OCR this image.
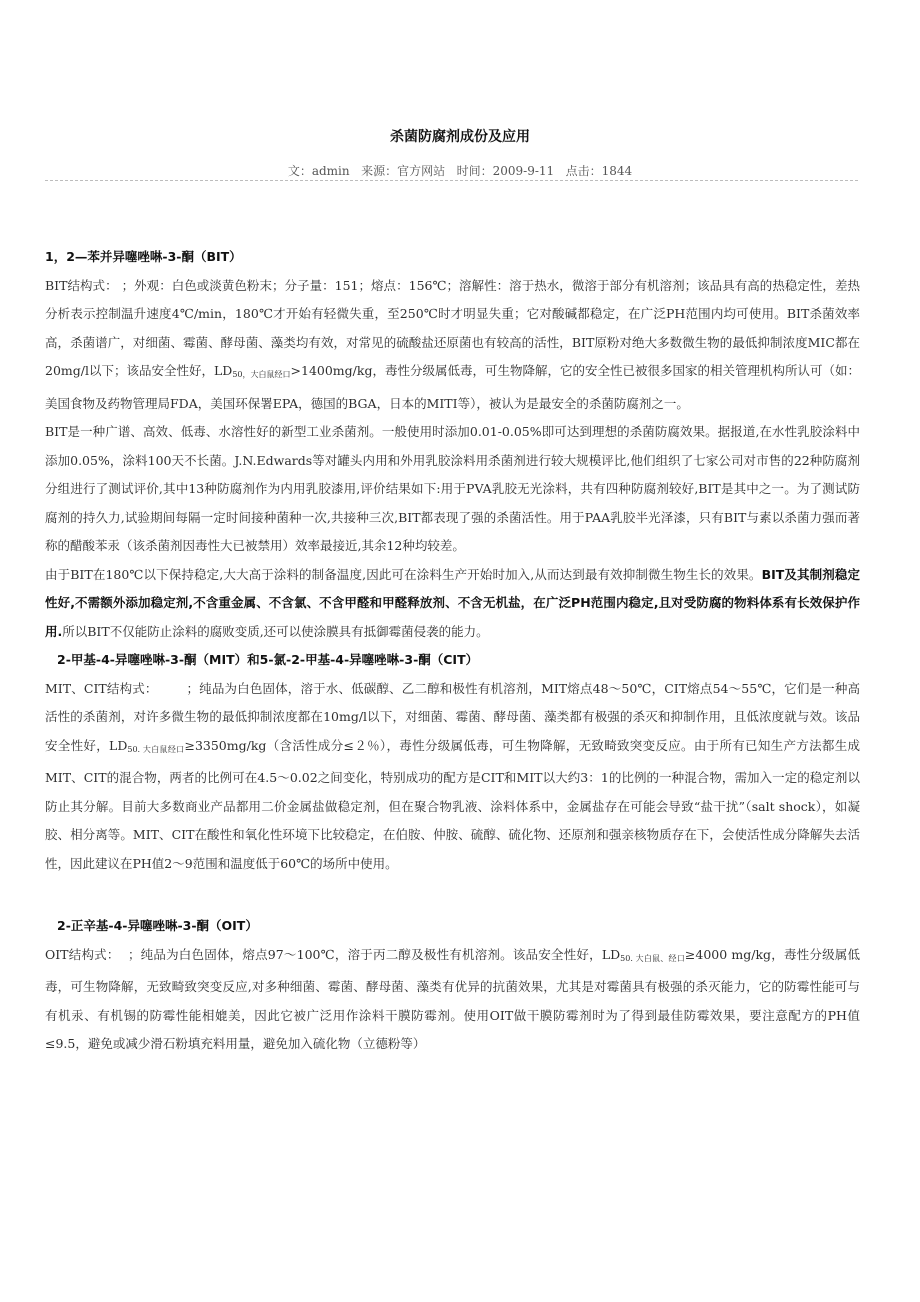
杀菌防腐剂成份及应用
文：admin 来源：官方网站 时间：2009-9-11 点击：1844
1，2—苯并异噻唑啉-3-酮（BIT）

BIT结构式： ；外观：白色或淡黄色粉末；分子量：151；熔点：156℃；溶解性：溶于热水，微溶于部分有机溶剂；该品具有高的热稳定性，差热分析表示控制温升速度4℃/min，180℃才开始有轻微失重，至250℃时才明显失重；它对酸碱都稳定，在广泛PH范围内均可使用。BIT杀菌效率高，杀菌谱广，对细菌、霉菌、酵母菌、藻类均有效，对常见的硫酸盐还原菌也有较高的活性，BIT原粉对绝大多数微生物的最低抑制浓度MIC都在20mg/l以下；该品安全性好，$LD_{50,大白鼠经口}>1400mg/kg$，毒性分级属低毒，可生物降解，它的安全性已被很多国家的相关管理机构所认可（如：美国食物及药物管理局FDA，美国环保署EPA，德国的BGA，日本的MITI等），被认为是最安全的杀菌防腐剂之一。

BIT是一种广谱、高效、低毒、水溶性好的新型工业杀菌剂。一般使用时添加0.01-0.05%即可达到理想的杀菌防腐效果。据报道,在水性乳胶涂料中添加0.05%，涂料100天不长菌。J.N.Edwards等对罐头内用和外用乳胶涂料用杀菌剂进行较大规模评比,他们组织了七家公司对市售的22种防腐剂分组进行了测试评价,其中13种防腐剂作为内用乳胶漆用,评价结果如下:用于PVA乳胶无光涂料，共有四种防腐剂较好,BIT是其中之一。为了测试防腐剂的持久力,试验期间每隔一定时间接种菌种一次,共接种三次,BIT都表现了强的杀菌活性。用于PAA乳胶半光泽漆，只有BIT与素以杀菌力强而著称的醋酸苯汞（该杀菌剂因毒性大已被禁用）效率最接近,其余12种均较差。

由于BIT在180℃以下保持稳定,大大高于涂料的制备温度,因此可在涂料生产开始时加入,从而达到最有效抑制微生物生长的效果。BIT及其制剂稳定性好,不需额外添加稳定剂,不含重金属、不含氯、不含甲醛和甲醛释放剂、不含无机盐，在广泛PH范围内稳定,且对受防腐的物料体系有长效保护作用.所以BIT不仅能防止涂料的腐败变质,还可以使涂膜具有抵御霉菌侵袭的能力。

2-甲基-4-异噻唑啉-3-酮（MIT）和5-氯-2-甲基-4-异噻唑啉-3-酮（CIT）

MIT、CIT结构式：       ；纯品为白色固体，溶于水、低碳醇、乙二醇和极性有机溶剂，MIT熔点48～50℃，CIT熔点54～55℃，它们是一种高活性的杀菌剂，对许多微生物的最低抑制浓度都在10mg/l以下，对细菌、霉菌、酵母菌、藻类都有极强的杀灭和抑制作用，且低浓度就与效。该品安全性好，$LD_{50. 大白鼠经口}\ge 3350mg/kg$（含活性成分≤２％），毒性分级属低毒，可生物降解，无致畸致突变反应。由于所有已知生产方法都生成MIT、CIT的混合物，两者的比例可在4.5～0.02之间变化，特别成功的配方是CIT和MIT以大约3：1的比例的一种混合物，需加入一定的稳定剂以防止其分解。目前大多数商业产品都用二价金属盐做稳定剂，但在聚合物乳液、涂料体系中，金属盐存在可能会导致“盐干扰”（salt shock），如凝胶、相分离等。MIT、CIT在酸性和氧化性环境下比较稳定，在伯胺、仲胺、硫醇、硫化物、还原剂和强亲核物质存在下，会使活性成分降解失去活性，因此建议在PH值2～9范围和温度低于60℃的场所中使用。

2-正辛基-4-异噻唑啉-3-酮（OIT）

OIT结构式：  ；纯品为白色固体，熔点97～100℃，溶于丙二醇及极性有机溶剂。该品安全性好，$LD_{50. 大白鼠、经口}\ge 4000$ mg/kg，毒性分级属低毒，可生物降解，无致畸致突变反应,对多种细菌、霉菌、酵母菌、藻类有优异的抗菌效果，尤其是对霉菌具有极强的杀灭能力，它的防霉性能可与有机汞、有机锡的防霉性能相媲美，因此它被广泛用作涂料干膜防霉剂。使用OIT做干膜防霉剂时为了得到最佳防霉效果，要注意配方的PH值≤9.5，避免或减少滑石粉填充料用量，避免加入硫化物（立德粉等）
